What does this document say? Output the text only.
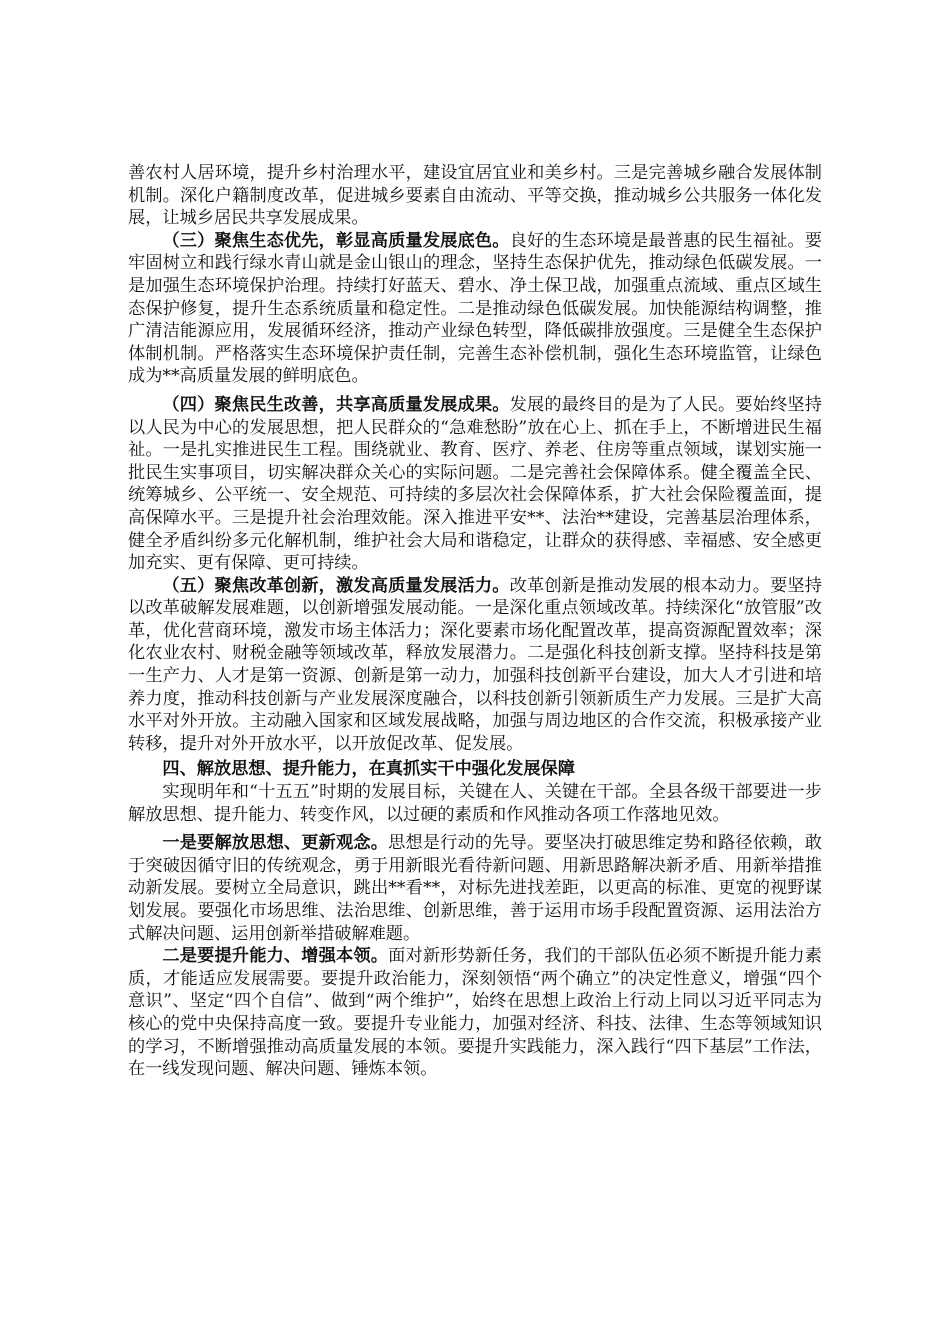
善农村人居环境，提升乡村治理水平，建设宜居宜业和美乡村。三是完善城乡融合发展体制机制。深化户籍制度改革，促进城乡要素自由流动、平等交换，推动城乡公共服务一体化发展，让城乡居民共享发展成果。

（三）聚焦生态优先，彰显高质量发展底色。良好的生态环境是最普惠的民生福祉。要牢固树立和践行绿水青山就是金山银山的理念，坚持生态保护优先，推动绿色低碳发展。一是加强生态环境保护治理。持续打好蓝天、碧水、净土保卫战，加强重点流域、重点区域生态保护修复，提升生态系统质量和稳定性。二是推动绿色低碳发展。加快能源结构调整，推广清洁能源应用，发展循环经济，推动产业绿色转型，降低碳排放强度。三是健全生态保护体制机制。严格落实生态环境保护责任制，完善生态补偿机制，强化生态环境监管，让绿色成为**高质量发展的鲜明底色。

（四）聚焦民生改善，共享高质量发展成果。发展的最终目的是为了人民。要始终坚持以人民为中心的发展思想，把人民群众的“急难愁盼”放在心上、抓在手上，不断增进民生福祉。一是扎实推进民生工程。围绕就业、教育、医疗、养老、住房等重点领域，谋划实施一批民生实事项目，切实解决群众关心的实际问题。二是完善社会保障体系。健全覆盖全民、统筹城乡、公平统一、安全规范、可持续的多层次社会保障体系，扩大社会保险覆盖面，提高保障水平。三是提升社会治理效能。深入推进平安**、法治**建设，完善基层治理体系，健全矛盾纠纷多元化解机制，维护社会大局和谐稳定，让群众的获得感、幸福感、安全感更加充实、更有保障、更可持续。

（五）聚焦改革创新，激发高质量发展活力。改革创新是推动发展的根本动力。要坚持以改革破解发展难题，以创新增强发展动能。一是深化重点领域改革。持续深化“放管服”改革，优化营商环境，激发市场主体活力；深化要素市场化配置改革，提高资源配置效率；深化农业农村、财税金融等领域改革，释放发展潜力。二是强化科技创新支撑。坚持科技是第一生产力、人才是第一资源、创新是第一动力，加强科技创新平台建设，加大人才引进和培养力度，推动科技创新与产业发展深度融合，以科技创新引领新质生产力发展。三是扩大高水平对外开放。主动融入国家和区域发展战略，加强与周边地区的合作交流，积极承接产业转移，提升对外开放水平，以开放促改革、促发展。

四、解放思想、提升能力，在真抓实干中强化发展保障

实现明年和“十五五”时期的发展目标，关键在人、关键在干部。全县各级干部要进一步解放思想、提升能力、转变作风，以过硬的素质和作风推动各项工作落地见效。

一是要解放思想、更新观念。思想是行动的先导。要坚决打破思维定势和路径依赖，敢于突破因循守旧的传统观念，勇于用新眼光看待新问题、用新思路解决新矛盾、用新举措推动新发展。要树立全局意识，跳出**看**，对标先进找差距，以更高的标准、更宽的视野谋划发展。要强化市场思维、法治思维、创新思维，善于运用市场手段配置资源、运用法治方式解决问题、运用创新举措破解难题。

二是要提升能力、增强本领。面对新形势新任务，我们的干部队伍必须不断提升能力素质，才能适应发展需要。要提升政治能力，深刻领悟“两个确立”的决定性意义，增强“四个意识”、坚定“四个自信”、做到“两个维护”，始终在思想上政治上行动上同以习近平同志为核心的党中央保持高度一致。要提升专业能力，加强对经济、科技、法律、生态等领域知识的学习，不断增强推动高质量发展的本领。要提升实践能力，深入践行“四下基层”工作法，在一线发现问题、解决问题、锤炼本领。
